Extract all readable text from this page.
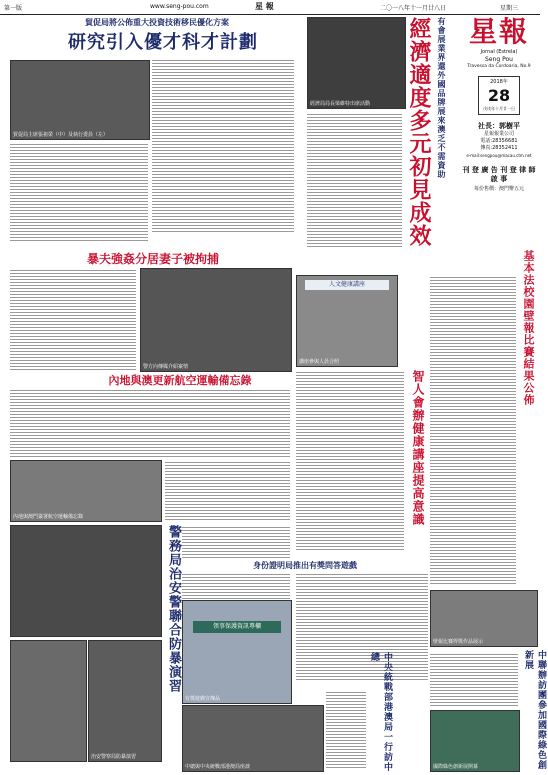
第一版	www.seng-pou.com	星 報	二〇一八年十一月廿八日	星期三
貿促局將公佈重大投資技術移民優化方案
研究引入優才科才計劃
貿促局主席張祖榮（中）及執行委員（左）
經濟局局長梁維特出席活動	有會展業界還外國品牌展來澳乏不需資助
經濟適度多元初見成效	星報
Jornal (Estrela)
Seng Pou
Travessa da Cordoaria, No.9
2018年
28
戊戌年十月廿一日
社長：郭樹平
星報報業公司
電話:28356681
傳真:28352411
e-mail:sengpou@macau.ctm.net
刊 登 廣 告 刊 登 律 師 啟 事
每份售價：澳門幣五元
暴夫強姦分居妻子被拘捕
警方向傳媒介紹案情
內地與澳更新航空運輸備忘錄
內地與澳門簽署航空運輸備忘錄
治安警察局防暴演習
警務局治安警聯合防暴演習
人文健康講座
講座參與人員合照
智人會辦健康講座提高意識
基本法校園壁報比賽結果公佈
壁報比賽得獎作品展示
身份證明局推出有獎問答遊戲
領事保護資訊專欄
有獎遊戲宣傳品
中總與中央統戰部港澳局座談	中央統戰部港澳局一行訪中總	中聯辦訪團參加國際綠色創新展
國際綠色創新展開幕
